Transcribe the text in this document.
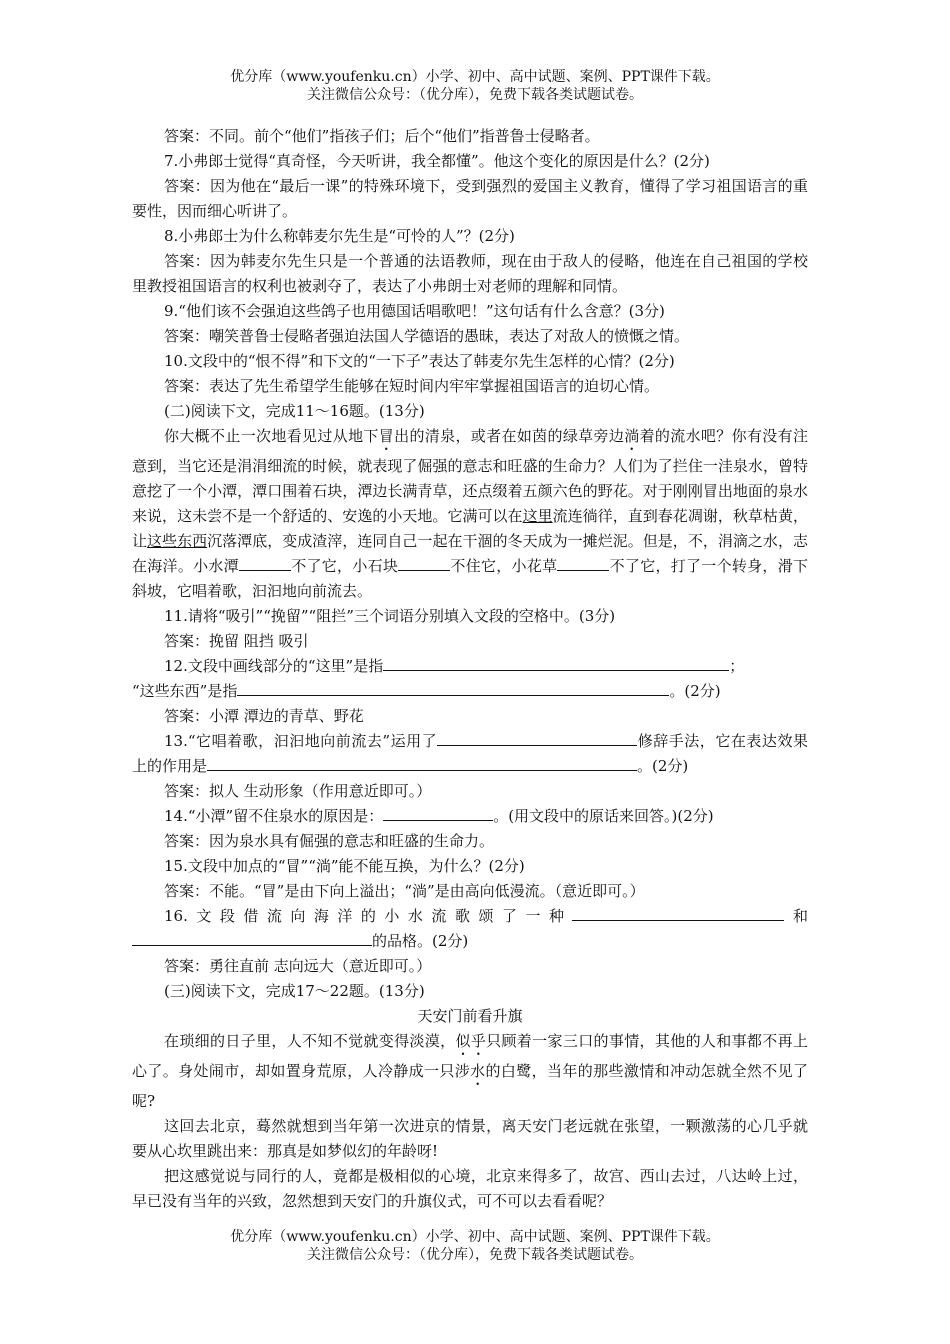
优分库（www.youfenku.cn）小学、初中、高中试题、案例、PPT课件下载。
关注微信公众号：（优分库），免费下载各类试题试卷。

答案：不同。前个“他们”指孩子们；后个“他们”指普鲁士侵略者。

7.小弗郎士觉得“真奇怪，今天听讲，我全都懂”。他这个变化的原因是什么？(2分)

答案：因为他在“最后一课”的特殊环境下，受到强烈的爱国主义教育，懂得了学习祖国语言的重要性，因而细心听讲了。

8.小弗郎士为什么称韩麦尔先生是“可怜的人”？(2分)

答案：因为韩麦尔先生只是一个普通的法语教师，现在由于敌人的侵略，他连在自己祖国的学校里教授祖国语言的权利也被剥夺了，表达了小弗朗士对老师的理解和同情。

9.“他们该不会强迫这些鸽子也用德国话唱歌吧！”这句话有什么含意？(3分)

答案：嘲笑普鲁士侵略者强迫法国人学德语的愚昧，表达了对敌人的愤慨之情。

10.文段中的“恨不得”和下文的“一下子”表达了韩麦尔先生怎样的心情？(2分)

答案：表达了先生希望学生能够在短时间内牢牢掌握祖国语言的迫切心情。

(二)阅读下文，完成11～16题。(13分)

你大概不止一次地看见过从地下冒出的清泉，或者在如茵的绿草旁边淌着的流水吧？你有没有注意到，当它还是涓涓细流的时候，就表现了倔强的意志和旺盛的生命力？人们为了拦住一洼泉水，曾特意挖了一个小潭，潭口围着石块，潭边长满青草，还点缀着五颜六色的野花。对于刚刚冒出地面的泉水来说，这未尝不是一个舒适的、安逸的小天地。它满可以在这里流连徜徉，直到春花凋谢，秋草枯黄，让这些东西沉落潭底，变成渣滓，连同自己一起在干涸的冬天成为一摊烂泥。但是，不，涓滴之水，志在海洋。小水潭	不了它，小石块	不住它，小花草	不了它，打了一个转身，滑下斜坡，它唱着歌，汩汩地向前流去。

11.请将“吸引”“挽留”“阻拦”三个词语分别填入文段的空格中。(3分)

答案：挽留 阻挡 吸引

12.文段中画线部分的“这里”是指	；

“这些东西”是指	。(2分)

答案：小潭 潭边的青草、野花

13.“它唱着歌，汩汩地向前流去”运用了	修辞手法，它在表达效果上的作用是	。(2分)

答案：拟人 生动形象（作用意近即可。）

14.“小潭”留不住泉水的原因是：	。(用文段中的原话来回答。)(2分)

答案：因为泉水具有倔强的意志和旺盛的生命力。

15.文段中加点的“冒”“淌”能不能互换，为什么？(2分)

答案：不能。“冒”是由下向上溢出；“淌”是由高向低漫流。（意近即可。）

16.文段借流向海洋的小水流歌颂了一种	和的品格。(2分)

答案：勇往直前 志向远大（意近即可。）

(三)阅读下文，完成17～22题。(13分)

天安门前看升旗

在琐细的日子里，人不知不觉就变得淡漠，似乎只顾着一家三口的事情，其他的人和事都不再上心了。身处闹市，却如置身荒原，人冷静成一只涉水的白鹭，当年的那些激情和冲动怎就全然不见了呢?

这回去北京，蓦然就想到当年第一次进京的情景，离天安门老远就在张望，一颗激荡的心几乎就要从心坎里跳出来：那真是如梦似幻的年龄呀!

把这感觉说与同行的人，竟都是极相似的心境，北京来得多了，故宫、西山去过，八达岭上过，早已没有当年的兴致，忽然想到天安门的升旗仪式，可不可以去看看呢？

优分库（www.youfenku.cn）小学、初中、高中试题、案例、PPT课件下载。
关注微信公众号：（优分库），免费下载各类试题试卷。
